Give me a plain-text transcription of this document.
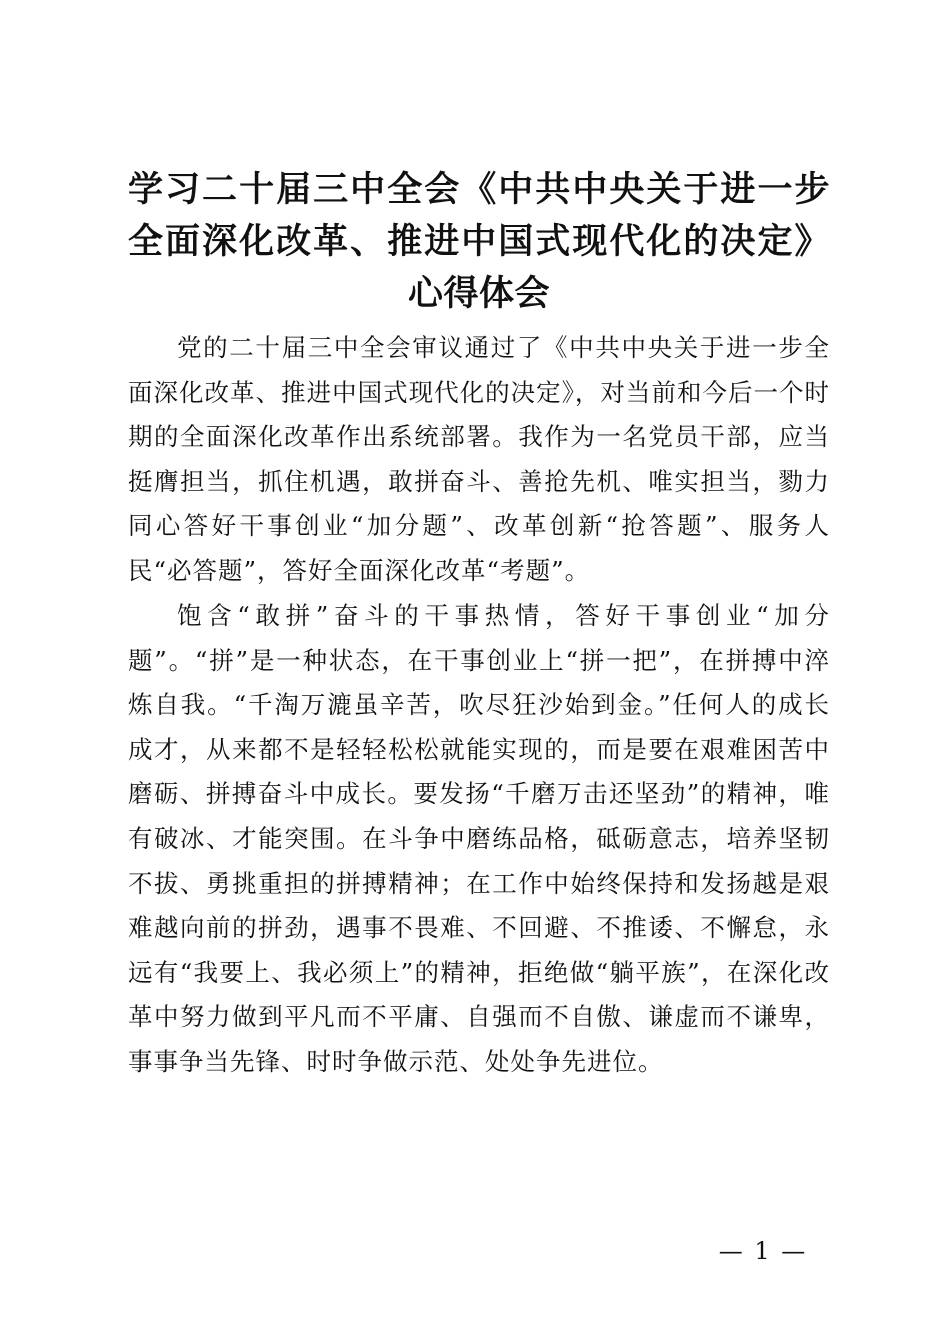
学习二十届三中全会《中共中央关于进一步全面深化改革、推进中国式现代化的决定》心得体会

党的二十届三中全会审议通过了《中共中央关于进一步全面深化改革、推进中国式现代化的决定》，对当前和今后一个时期的全面深化改革作出系统部署。我作为一名党员干部，应当挺膺担当，抓住机遇，敢拼奋斗、善抢先机、唯实担当，勠力同心答好干事创业“加分题”、改革创新“抢答题”、服务人民“必答题”，答好全面深化改革“考题”。

饱含“敢拼”奋斗的干事热情，答好干事创业“加分题”。“拼”是一种状态，在干事创业上“拼一把”，在拼搏中淬炼自我。“千淘万漉虽辛苦，吹尽狂沙始到金。”任何人的成长成才，从来都不是轻轻松松就能实现的，而是要在艰难困苦中磨砺、拼搏奋斗中成长。要发扬“千磨万击还坚劲”的精神，唯有破冰、才能突围。在斗争中磨练品格，砥砺意志，培养坚韧不拔、勇挑重担的拼搏精神；在工作中始终保持和发扬越是艰难越向前的拼劲，遇事不畏难、不回避、不推诿、不懈怠，永远有“我要上、我必须上”的精神，拒绝做“躺平族”，在深化改革中努力做到平凡而不平庸、自强而不自傲、谦虚而不谦卑，事事争当先锋、时时争做示范、处处争先进位。

— 1 —
